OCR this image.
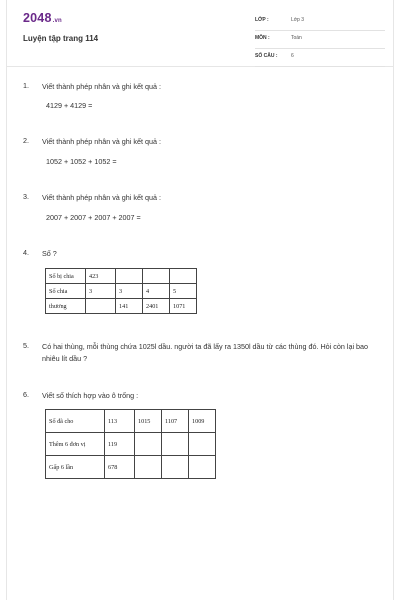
2048.vn
Luyện tập trang 114
LỚP :	Lớp 3
MÔN :	Toán
SỐ CÂU :	6
1.	Viết thành phép nhân và ghi kết quả :
4129 + 4129 =
2.	Viết thành phép nhân và ghi kết quả :
1052 + 1052 + 1052 =
3.	Viết thành phép nhân và ghi kết quả :
2007 + 2007 + 2007 + 2007 =
4.	Số ?
Số bị chia	423			
Số chia	3	3	4	5
thương		141	2401	1071
5.	Có hai thùng, mỗi thùng chứa 1025l dầu. người ta đã lấy ra 1350l dầu từ các thùng đó. Hỏi còn lại bao nhiêu lít dầu ?
6.	Viết số thích hợp vào ô trống :
Số đã cho	113	1015	1107	1009
Thêm 6 đơn vị	119			
Gấp 6 lần	678			
